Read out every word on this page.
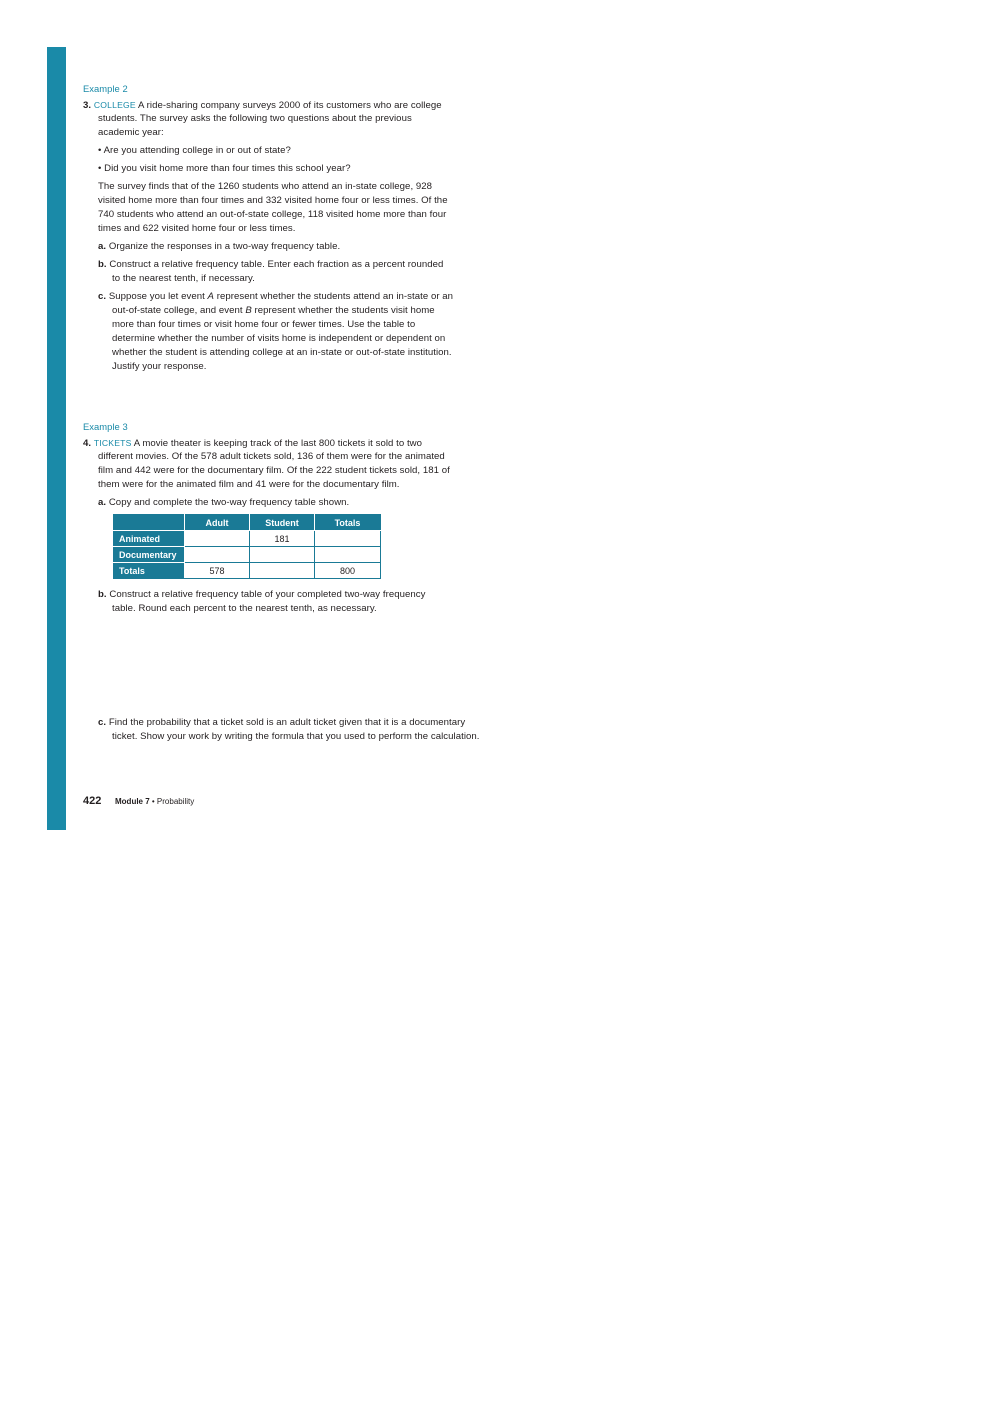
Example 2
3. COLLEGE A ride-sharing company surveys 2000 of its customers who are college
students. The survey asks the following two questions about the previous
academic year:
• Are you attending college in or out of state?
• Did you visit home more than four times this school year?
The survey finds that of the 1260 students who attend an in-state college, 928
visited home more than four times and 332 visited home four or less times. Of the
740 students who attend an out-of-state college, 118 visited home more than four
times and 622 visited home four or less times.
a. Organize the responses in a two-way frequency table.
b. Construct a relative frequency table. Enter each fraction as a percent rounded
to the nearest tenth, if necessary.
c. Suppose you let event A represent whether the students attend an in-state or an
out-of-state college, and event B represent whether the students visit home
more than four times or visit home four or fewer times. Use the table to
determine whether the number of visits home is independent or dependent on
whether the student is attending college at an in-state or out-of-state institution.
Justify your response.
Example 3
4. TICKETS A movie theater is keeping track of the last 800 tickets it sold to two
different movies. Of the 578 adult tickets sold, 136 of them were for the animated
film and 442 were for the documentary film. Of the 222 student tickets sold, 181 of
them were for the animated film and 41 were for the documentary film.
a. Copy and complete the two-way frequency table shown.
	Adult	Student	Totals
Animated		181	
Documentary			
Totals	578		800
b. Construct a relative frequency table of your completed two-way frequency
table. Round each percent to the nearest tenth, as necessary.
c. Find the probability that a ticket sold is an adult ticket given that it is a documentary
ticket. Show your work by writing the formula that you used to perform the calculation.
422 Module 7 • Probability
